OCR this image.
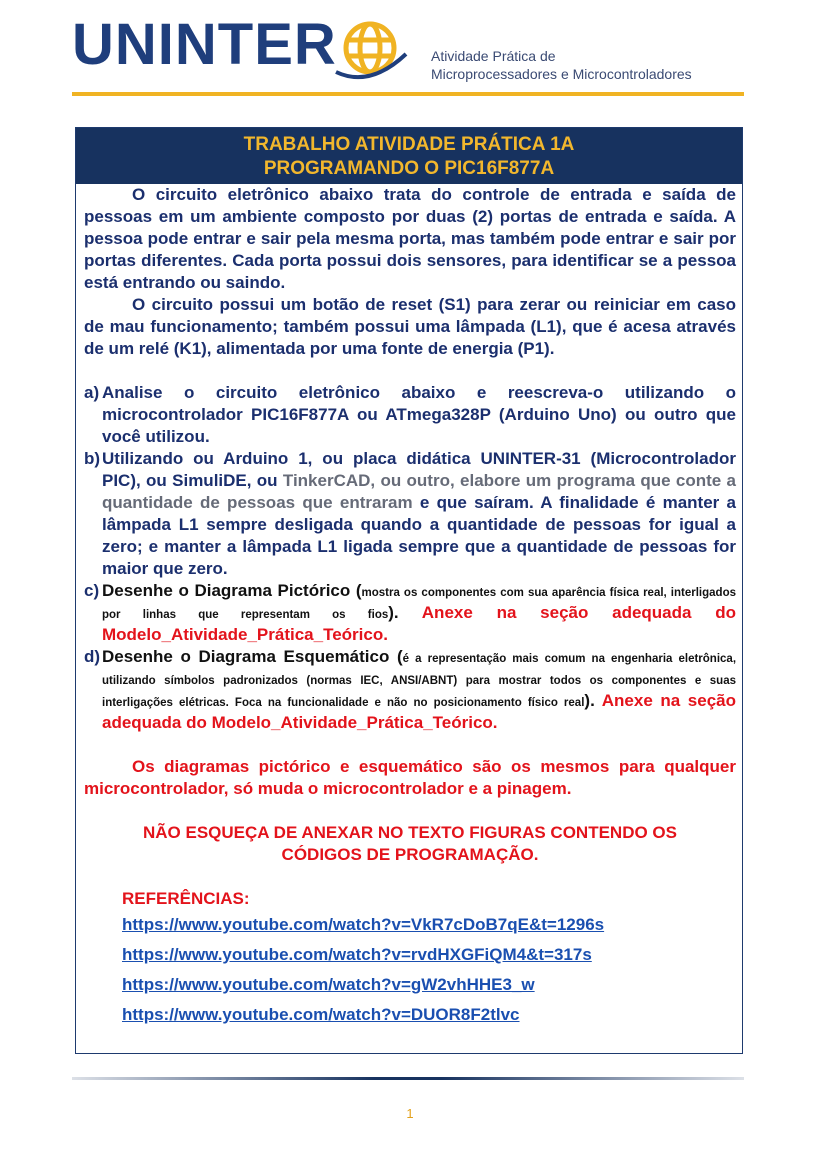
UNINTER	Atividade Prática de
Microprocessadores e Microcontroladores
TRABALHO ATIVIDADE PRÁTICA 1A
PROGRAMANDO O PIC16F877A

O circuito eletrônico abaixo trata do controle de entrada e saída de pessoas em um ambiente composto por duas (2) portas de entrada e saída. A pessoa pode entrar e sair pela mesma porta, mas também pode entrar e sair por portas diferentes. Cada porta possui dois sensores, para identificar se a pessoa está entrando ou saindo.

O circuito possui um botão de reset (S1) para zerar ou reiniciar em caso de mau funcionamento; também possui uma lâmpada (L1), que é acesa através de um relé (K1), alimentada por uma fonte de energia (P1).

a) Analise o circuito eletrônico abaixo e reescreva-o utilizando o microcontrolador PIC16F877A ou ATmega328P (Arduino Uno) ou outro que você utilizou.
b) Utilizando ou Arduino 1, ou placa didática UNINTER-31 (Microcontrolador PIC), ou SimuliDE, ou TinkerCAD, ou outro, elabore um programa que conte a quantidade de pessoas que entraram e que saíram. A finalidade é manter a lâmpada L1 sempre desligada quando a quantidade de pessoas for igual a zero; e manter a lâmpada L1 ligada sempre que a quantidade de pessoas for maior que zero.
c) Desenhe o Diagrama Pictórico (mostra os componentes com sua aparência física real, interligados por linhas que representam os fios). Anexe na seção adequada do Modelo_Atividade_Prática_Teórico.
d) Desenhe o Diagrama Esquemático (é a representação mais comum na engenharia eletrônica, utilizando símbolos padronizados (normas IEC, ANSI/ABNT) para mostrar todos os componentes e suas interligações elétricas. Foca na funcionalidade e não no posicionamento físico real). Anexe na seção adequada do Modelo_Atividade_Prática_Teórico.

Os diagramas pictórico e esquemático são os mesmos para qualquer microcontrolador, só muda o microcontrolador e a pinagem.

NÃO ESQUEÇA DE ANEXAR NO TEXTO FIGURAS CONTENDO OS
CÓDIGOS DE PROGRAMAÇÃO.
REFERÊNCIAS:
https://www.youtube.com/watch?v=VkR7cDoB7qE&t=1296s
https://www.youtube.com/watch?v=rvdHXGFiQM4&t=317s
https://www.youtube.com/watch?v=gW2vhHHE3_w
https://www.youtube.com/watch?v=DUOR8F2tlvc
1
